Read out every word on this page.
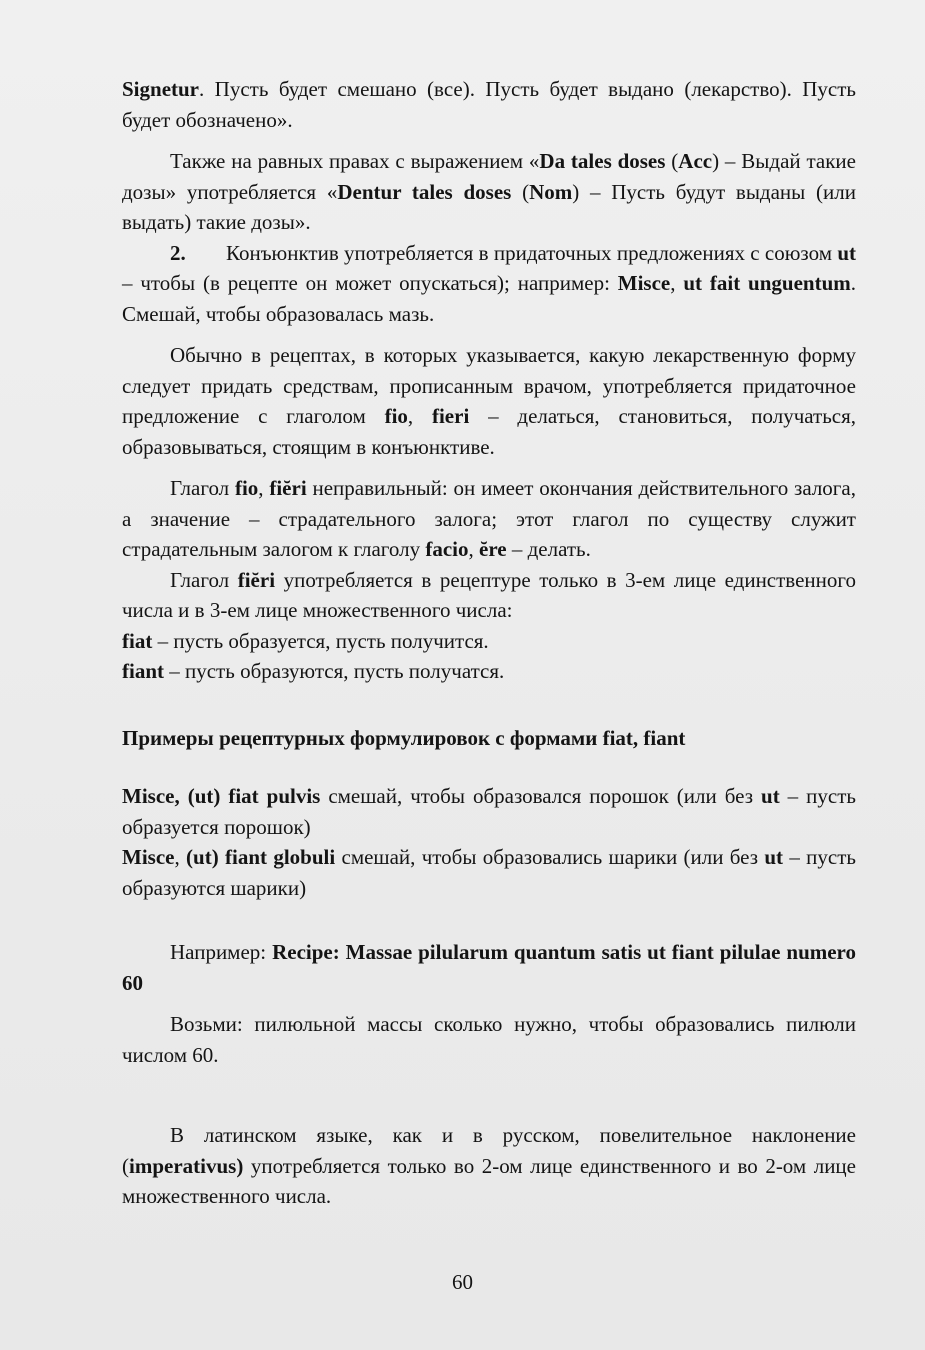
Signetur. Пусть будет смешано (все). Пусть будет выдано (лекарство). Пусть будет обозначено».

Также на равных правах с выражением «Da tales doses (Acc) – Выдай такие дозы» употребляется «Dentur tales doses (Nom) – Пусть будут выданы (или выдать) такие дозы».

2. Конъюнктив употребляется в придаточных предложениях с союзом ut – чтобы (в рецепте он может опускаться); например: Misce, ut fait unguentum. Смешай, чтобы образовалась мазь.

Обычно в рецептах, в которых указывается, какую лекарственную форму следует придать средствам, прописанным врачом, употребляется придаточное предложение с глаголом fio, fieri – делаться, становиться, получаться, образовываться, стоящим в конъюнктиве.

Глагол fio, fiĕri неправильный: он имеет окончания действительного залога, а значение – страдательного залога; этот глагол по существу служит страдательным залогом к глаголу facio, ĕre – делать.

Глагол fiĕri употребляется в рецептуре только в 3-ем лице единственного числа и в 3-ем лице множественного числа:

fiat – пусть образуется, пусть получится.

fiant – пусть образуются, пусть получатся.

Примеры рецептурных формулировок с формами fiat, fiant

Misce, (ut) fiat pulvis смешай, чтобы образовался порошок (или без ut – пусть образуется порошок)

Misce, (ut) fiant globuli смешай, чтобы образовались шарики (или без ut – пусть образуются шарики)

Например: Recipe: Massae pilularum quantum satis ut fiant pilulae numero 60

Возьми: пилюльной массы сколько нужно, чтобы образовались пилюли числом 60.

В латинском языке, как и в русском, повелительное наклонение (imperativus) употребляется только во 2-ом лице единственного и во 2-ом лице множественного числа.

60
